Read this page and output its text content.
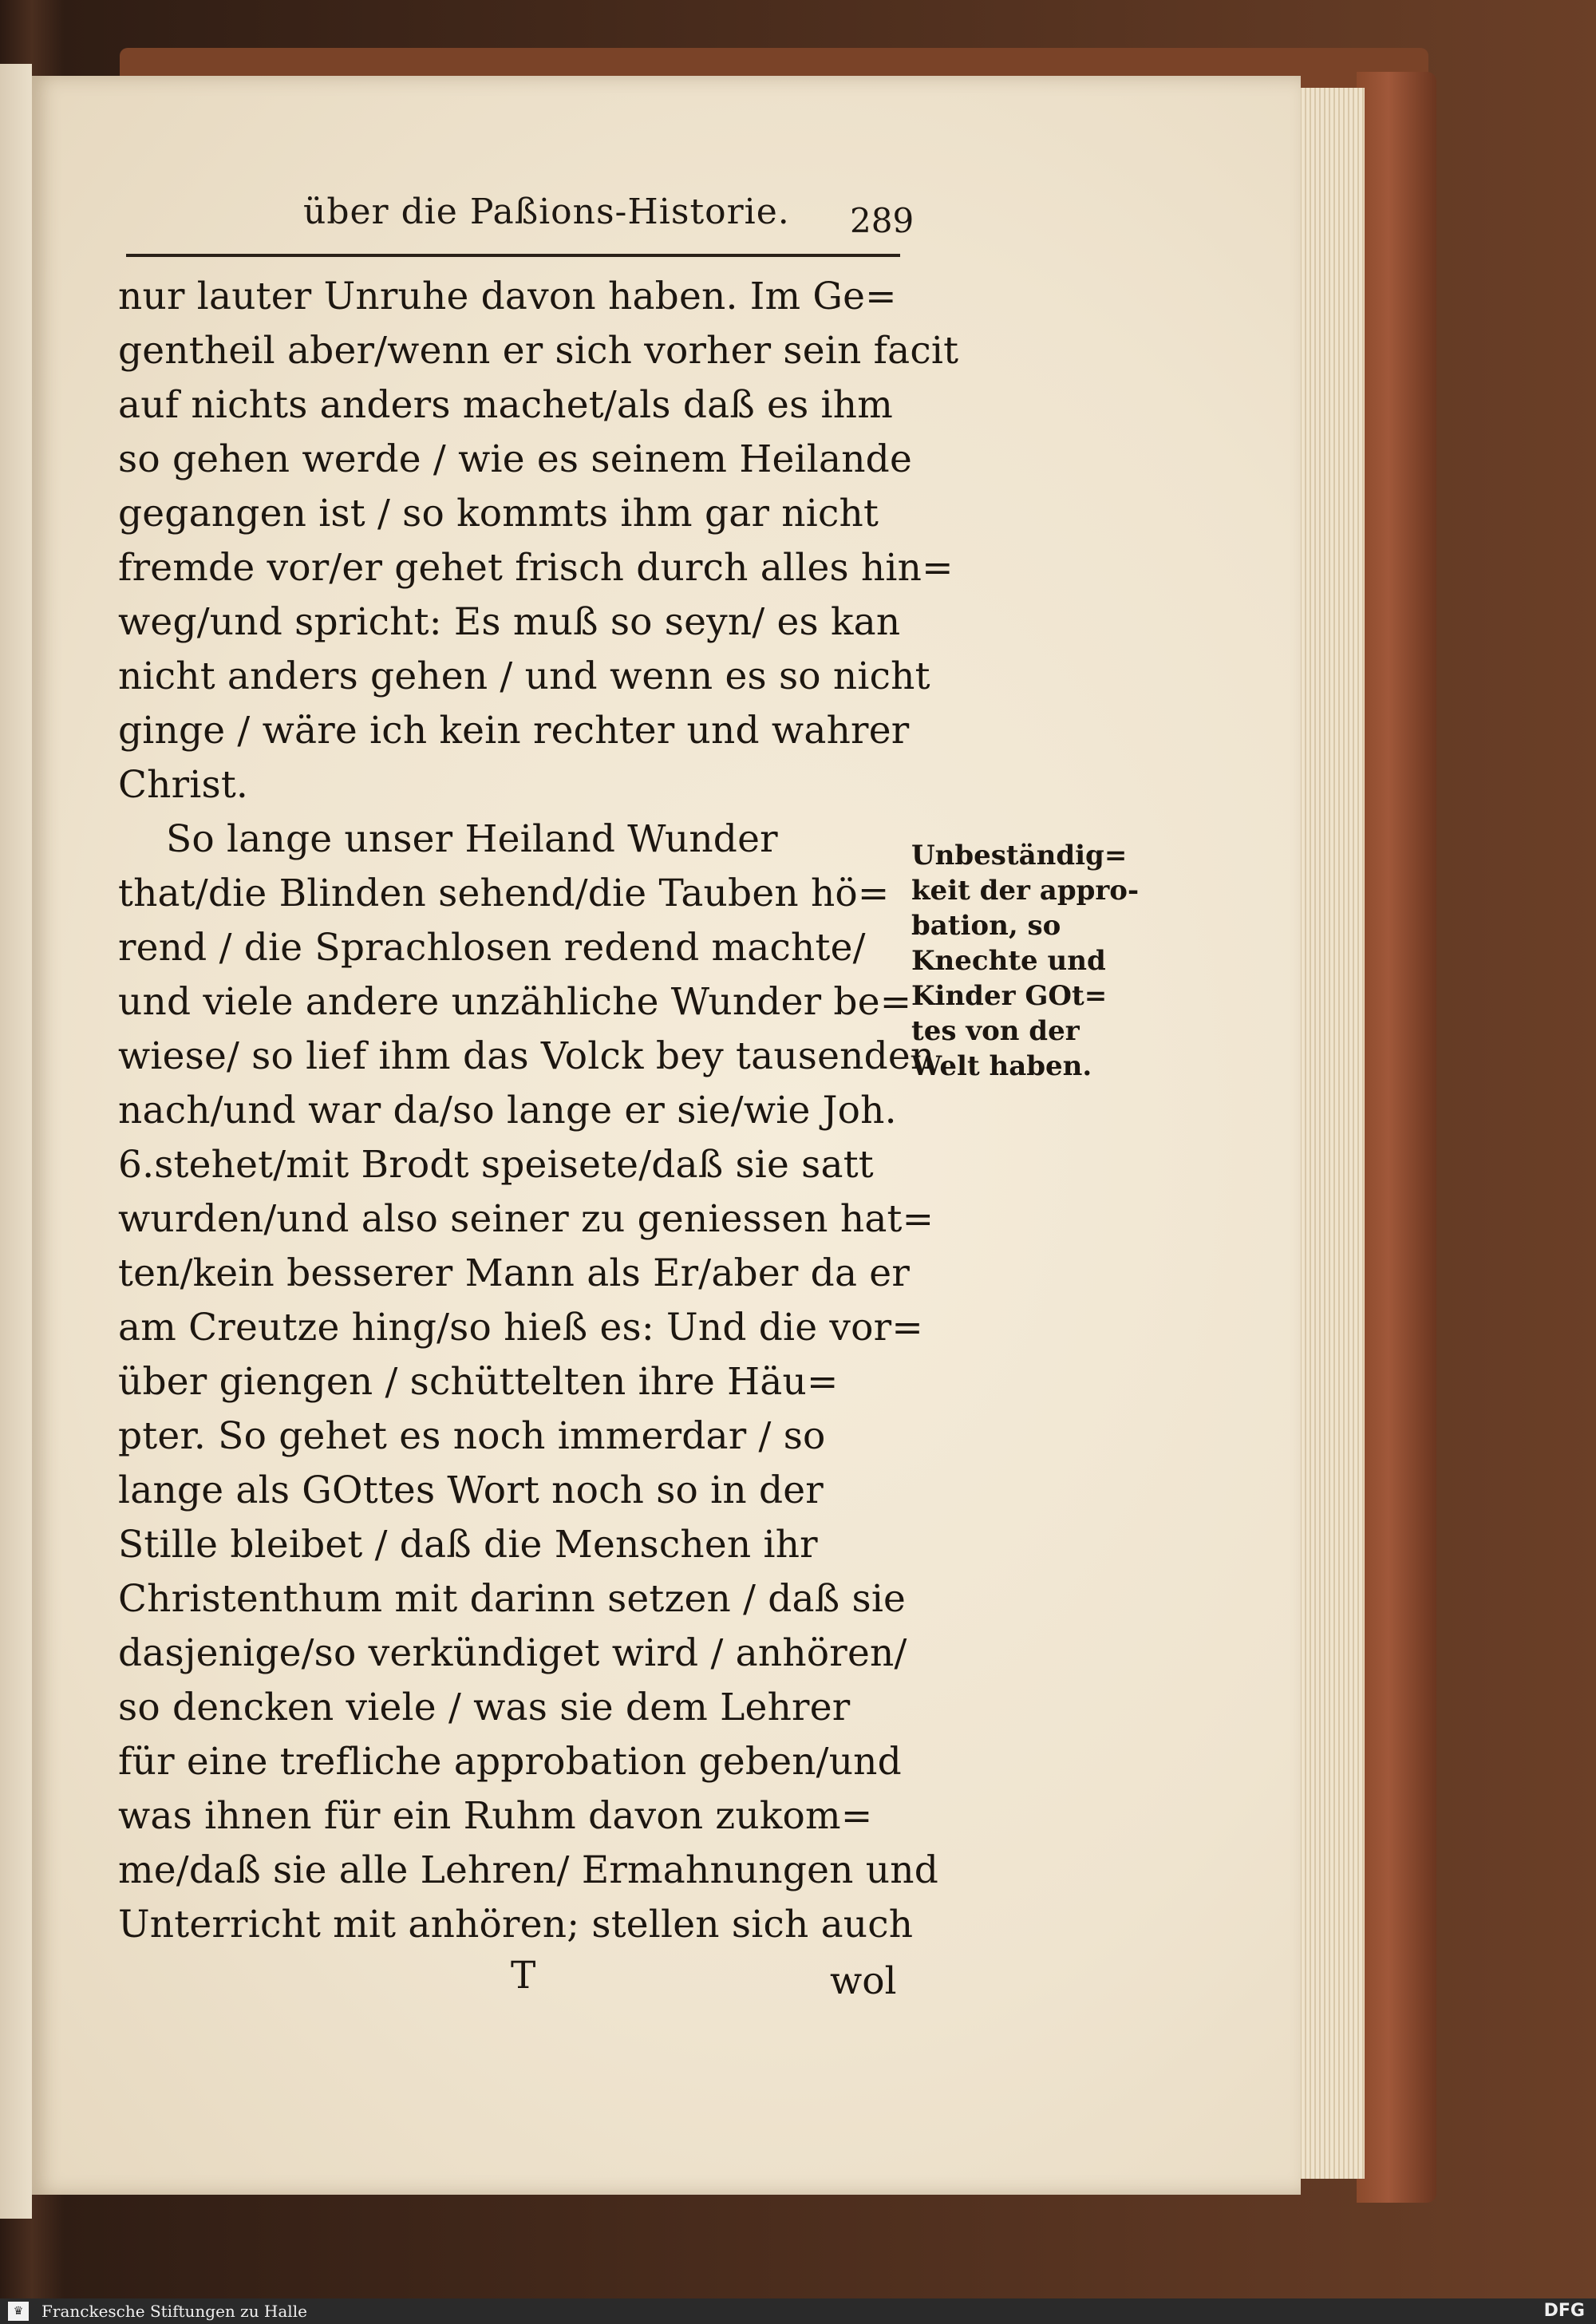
über die Paßions-Historie.	289
nur lauter Unruhe davon haben. Im Ge=
gentheil aber/wenn er sich vorher sein facit
auf nichts anders machet/als daß es ihm
so gehen werde / wie es seinem Heilande
gegangen ist / so kommts ihm gar nicht
fremde vor/er gehet frisch durch alles hin=
weg/und spricht: Es muß so seyn/ es kan
nicht anders gehen / und wenn es so nicht
ginge / wäre ich kein rechter und wahrer
Christ.
So lange unser Heiland Wunder
that/die Blinden sehend/die Tauben hö=
rend / die Sprachlosen redend machte/
und viele andere unzähliche Wunder be=
wiese/ so lief ihm das Volck bey tausenden
nach/und war da/so lange er sie/wie Joh.
6.stehet/mit Brodt speisete/daß sie satt
wurden/und also seiner zu geniessen hat=
ten/kein besserer Mann als Er/aber da er
am Creutze hing/so hieß es: Und die vor=
über giengen / schüttelten ihre Häu=
pter. So gehet es noch immerdar / so
lange als GOttes Wort noch so in der
Stille bleibet / daß die Menschen ihr
Christenthum mit darinn setzen / daß sie
dasjenige/so verkündiget wird / anhören/
so dencken viele / was sie dem Lehrer
für eine trefliche approbation geben/und
was ihnen für ein Ruhm davon zukom=
me/daß sie alle Lehren/ Ermahnungen und
Unterricht mit anhören; stellen sich auch
Unbeständig=
keit der appro-
bation, so
Knechte und
Kinder GOt=
tes von der
Welt haben.
T	wol
♛	Franckesche Stiftungen zu Halle	DFG
